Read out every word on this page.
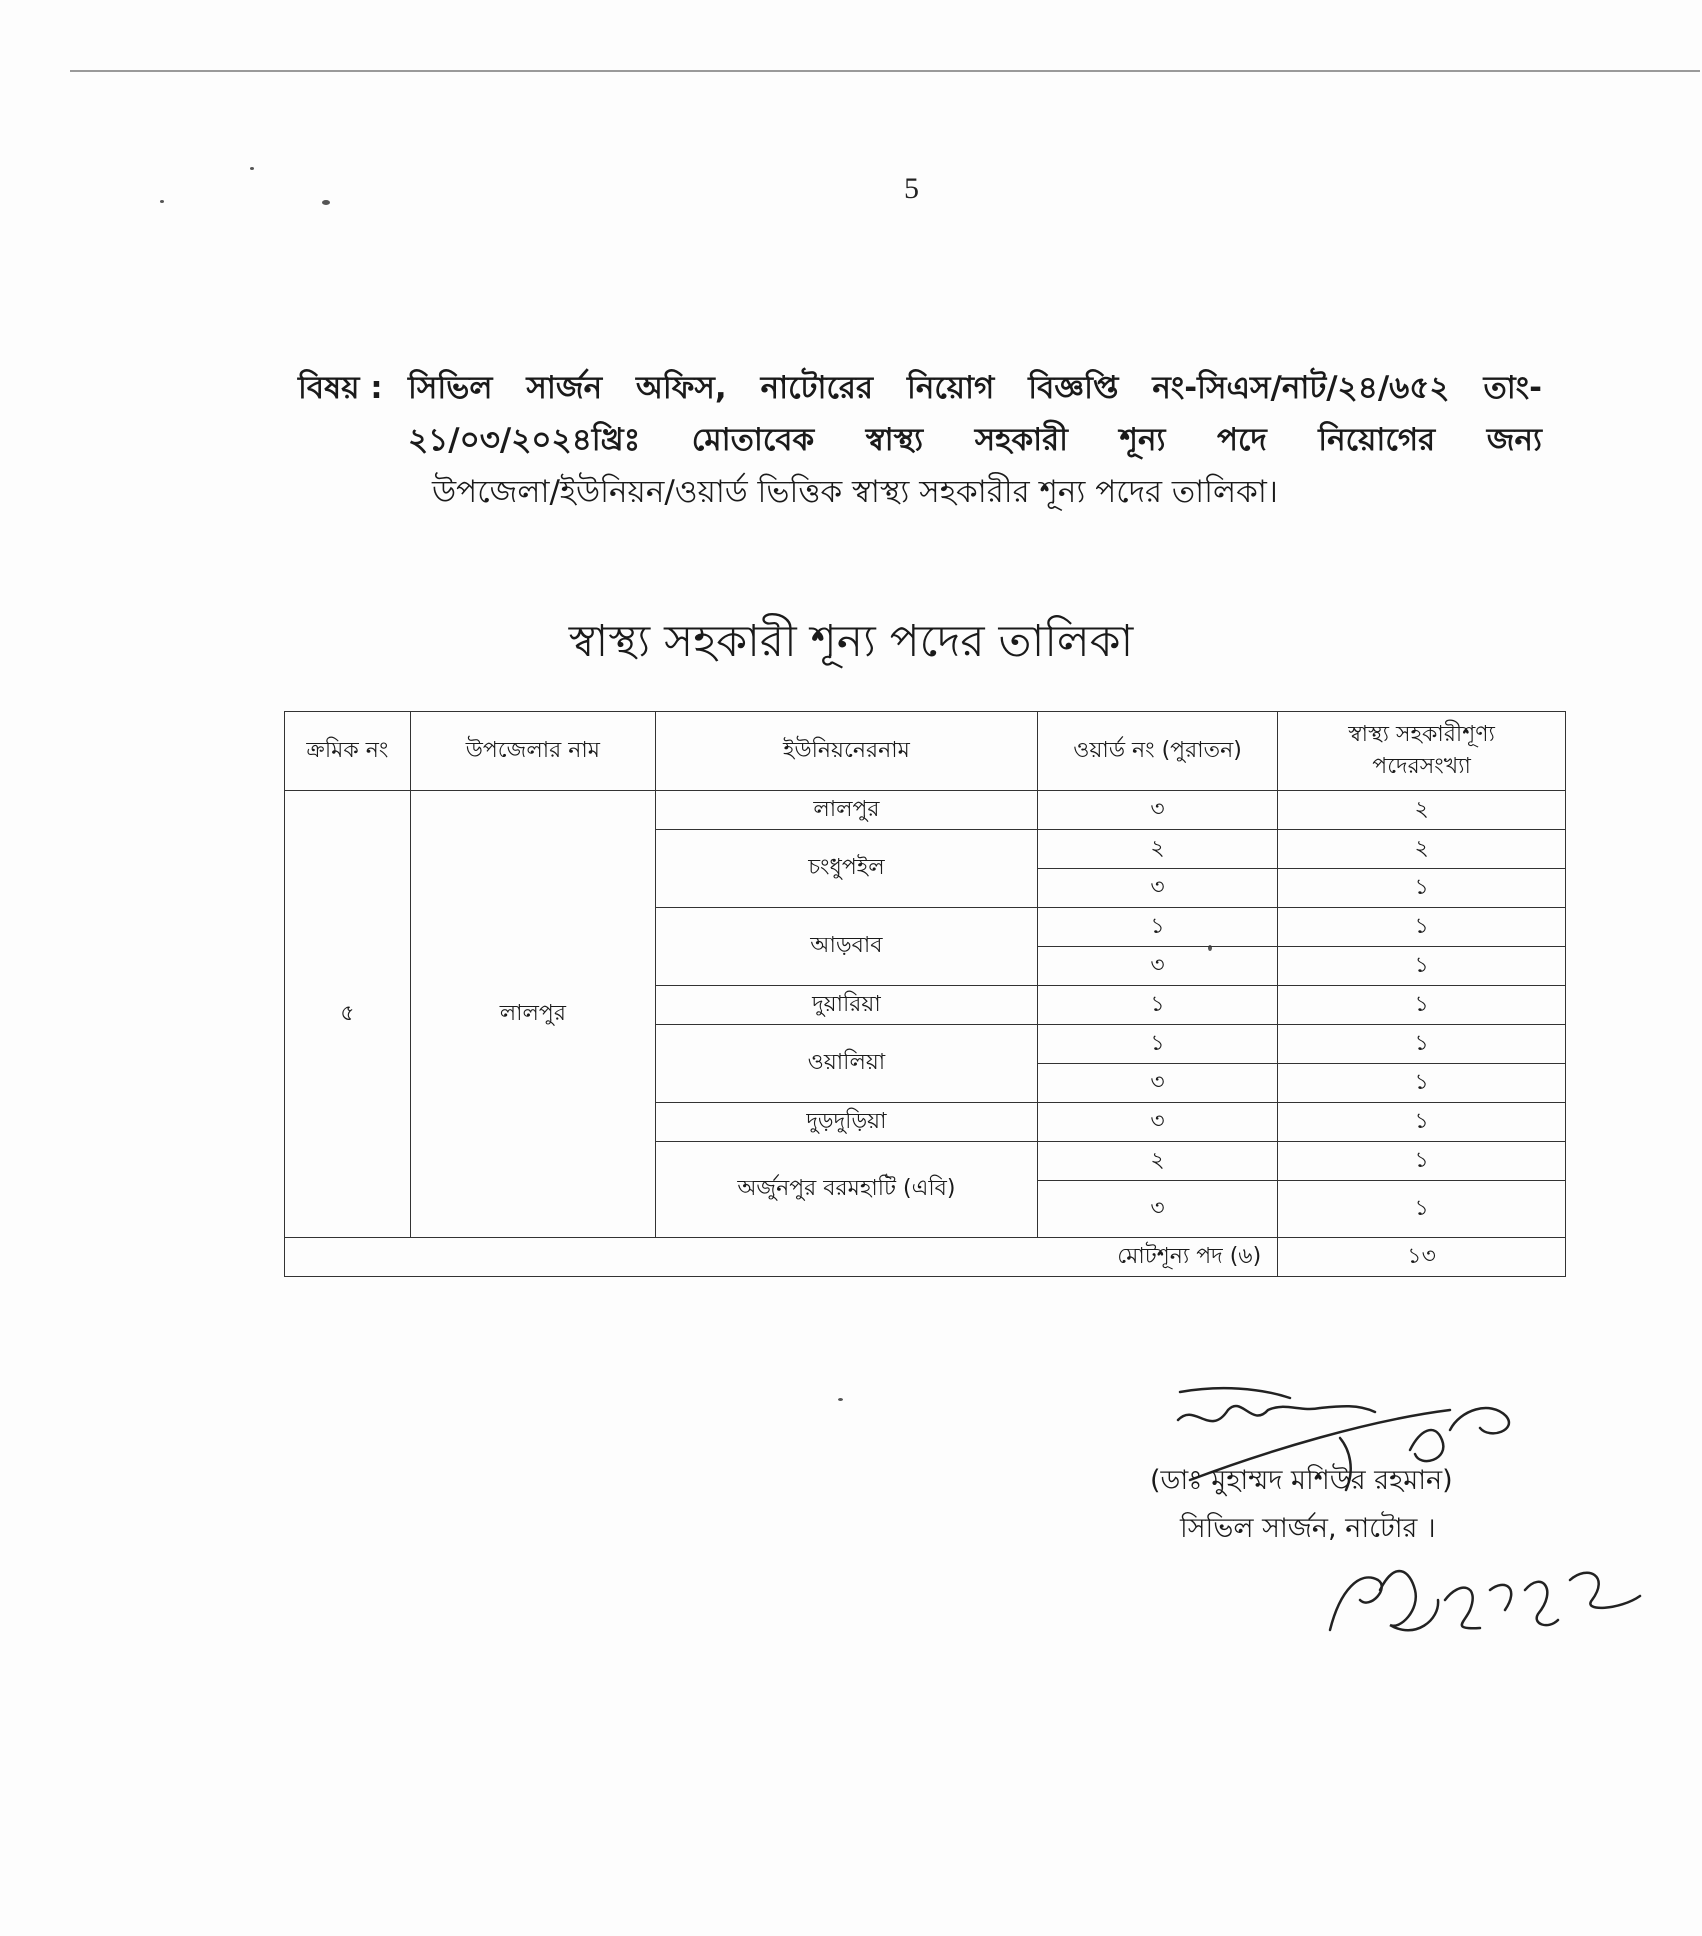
5
বিষয় : সিভিল সার্জন অফিস, নাটোরের নিয়োগ বিজ্ঞপ্তি নং-সিএস/নাট/২৪/৬৫২ তাং-
২১/০৩/২০২৪খ্রিঃ মোতাবেক স্বাস্থ্য সহকারী শূন্য পদে নিয়োগের জন্য
উপজেলা/ইউনিয়ন/ওয়ার্ড ভিত্তিক স্বাস্থ্য সহকারীর শূন্য পদের তালিকা।
স্বাস্থ্য সহকারী শূন্য পদের তালিকা
ক্রমিক নং	উপজেলার নাম	ইউনিয়নেরনাম	ওয়ার্ড নং (পুরাতন)	স্বাস্থ্য সহকারীশূণ্য
পদেরসংখ্যা

৫	লালপুর	লালপুর	৩	২
		চংধুপইল	২	২
			৩	১
		আড়বাব	১	১
			৩	১
		দুয়ারিয়া	১	১
		ওয়ালিয়া	১	১
			৩	১
		দুড়দুড়িয়া	৩	১
		অর্জুনপুর বরমহাটি (এবি)	২	১
			৩	১
মোটশূন্য পদ (৬)				১৩
(ডাঃ মুহাম্মদ মশিউর রহমান)
সিভিল সার্জন, নাটোর ।
